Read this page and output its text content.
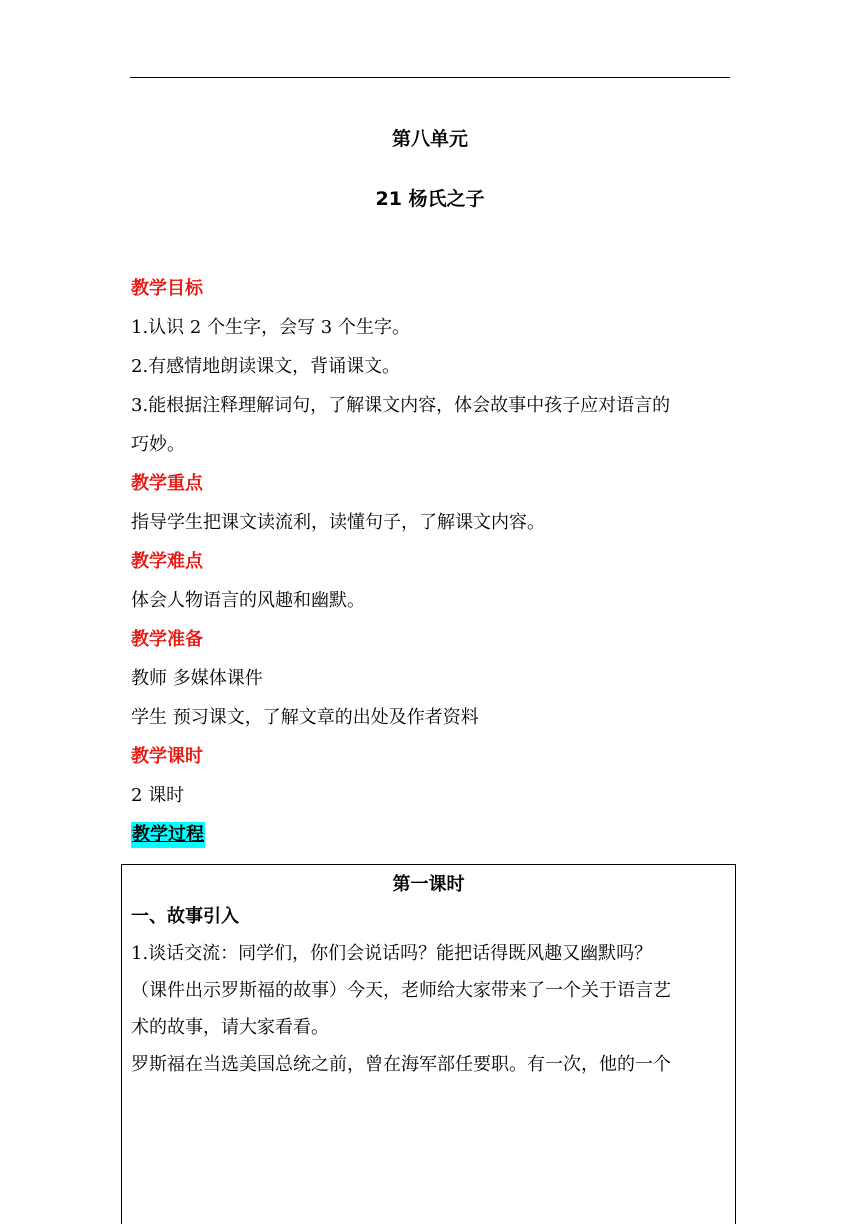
第八单元
21 杨氏之子
教学目标
1.认识 2 个生字，会写 3 个生字。
2.有感情地朗读课文，背诵课文。
3.能根据注释理解词句，了解课文内容，体会故事中孩子应对语言的
巧妙。
教学重点
指导学生把课文读流利，读懂句子，了解课文内容。
教学难点
体会人物语言的风趣和幽默。
教学准备
教师 多媒体课件
学生 预习课文，了解文章的出处及作者资料
教学课时
2 课时
教学过程
第一课时
一、故事引入
1.谈话交流：同学们，你们会说话吗？能把话得既风趣又幽默吗？
（课件出示罗斯福的故事）今天，老师给大家带来了一个关于语言艺
术的故事，请大家看看。
罗斯福在当选美国总统之前，曾在海军部任要职。有一次，他的一个
